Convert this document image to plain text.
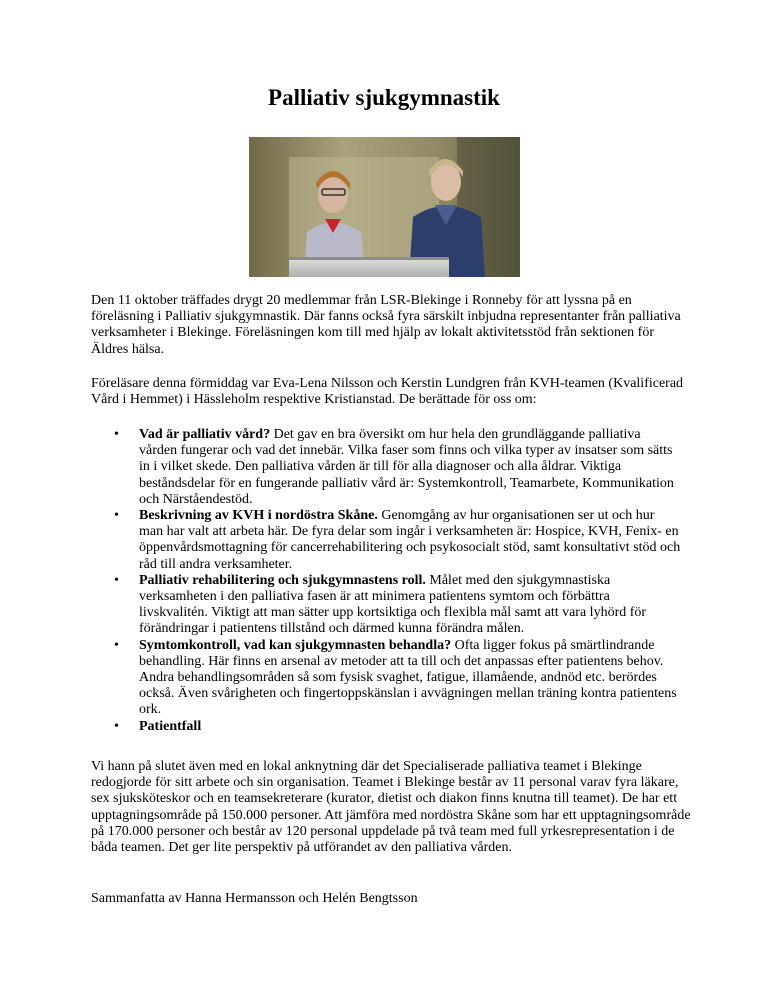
Palliativ sjukgymnastik

Den 11 oktober träffades drygt 20 medlemmar från LSR-Blekinge i Ronneby för att lyssna på en föreläsning i Palliativ sjukgymnastik. Där fanns också fyra särskilt inbjudna representanter från palliativa verksamheter i Blekinge. Föreläsningen kom till med hjälp av lokalt aktivitetsstöd från sektionen för Äldres hälsa.

Föreläsare denna förmiddag var Eva-Lena Nilsson och Kerstin Lundgren från KVH-teamen (Kvalificerad Vård i Hemmet) i Hässleholm respektive Kristianstad. De berättade för oss om:

• Vad är palliativ vård? Det gav en bra översikt om hur hela den grundläggande palliativa vården fungerar och vad det innebär. Vilka faser som finns och vilka typer av insatser som sätts in i vilket skede. Den palliativa vården är till för alla diagnoser och alla åldrar. Viktiga beståndsdelar för en fungerande palliativ vård är: Systemkontroll, Teamarbete, Kommunikation och Närståendestöd.
• Beskrivning av KVH i nordöstra Skåne. Genomgång av hur organisationen ser ut och hur man har valt att arbeta här. De fyra delar som ingår i verksamheten är: Hospice, KVH, Fenix- en öppenvårdsmottagning för cancerrehabilitering och psykosocialt stöd, samt konsultativt stöd och råd till andra verksamheter.
• Palliativ rehabilitering och sjukgymnastens roll. Målet med den sjukgymnastiska verksamheten i den palliativa fasen är att minimera patientens symtom och förbättra livskvalitén. Viktigt att man sätter upp kortsiktiga och flexibla mål samt att vara lyhörd för förändringar i patientens tillstånd och därmed kunna förändra målen.
• Symtomkontroll, vad kan sjukgymnasten behandla? Ofta ligger fokus på smärtlindrande behandling. Här finns en arsenal av metoder att ta till och det anpassas efter patientens behov. Andra behandlingsområden så som fysisk svaghet, fatigue, illamående, andnöd etc. berördes också. Även svårigheten och fingertoppskänslan i avvägningen mellan träning kontra patientens ork.
• Patientfall

Vi hann på slutet även med en lokal anknytning där det Specialiserade palliativa teamet i Blekinge redogjorde för sitt arbete och sin organisation. Teamet i Blekinge består av 11 personal varav fyra läkare, sex sjuksköteskor och en teamsekreterare (kurator, dietist och diakon finns knutna till teamet). De har ett upptagningsområde på 150.000 personer. Att jämföra med nordöstra Skåne som har ett upptagningsområde på 170.000 personer och består av 120 personal uppdelade på två team med full yrkesrepresentation i de båda teamen. Det ger lite perspektiv på utförandet av den palliativa vården.

Sammanfatta av Hanna Hermansson och Helén Bengtsson
